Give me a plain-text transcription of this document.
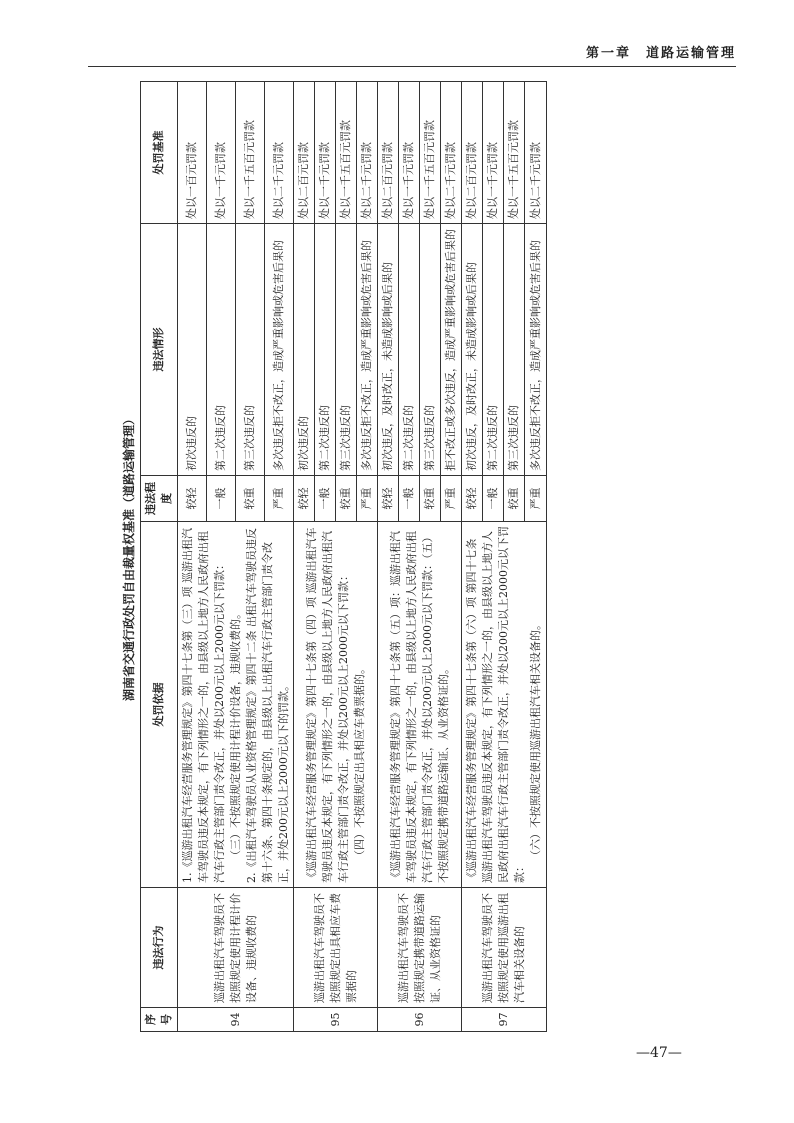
第一章　道路运输管理
湖南省交通行政处罚自由裁量权基准（道路运输管理）
序号	违法行为	处罚依据	违法程度	违法情形	处罚基准
94	巡游出租汽车驾驶员不按照规定使用计程计价设备、违规收费的	1.《巡游出租汽车经营服务管理规定》第四十七条第（三）项 巡游出租汽车驾驶员违反本规定，有下列情形之一的，由县级以上地方人民政府出租汽车行政主管部门责令改正，并处以200元以上2000元以下罚款： （三）不按照规定使用计程计价设备，违规收费的。 2.《出租汽车驾驶员从业资格管理规定》第四十二条 出租汽车驾驶员违反第十六条、第四十条规定的，由县级以上出租汽车行政主管部门责令改正，并处200元以上2000元以下的罚款。	较轻	初次违反的	处以一百元罚款
			一般	第二次违反的	处以一千元罚款
			较重	第三次违反的	处以一千五百元罚款
			严重	多次违反拒不改正，造成严重影响或危害后果的	处以二千元罚款
95	巡游出租汽车驾驶员不按照规定出具相应车费票据的	《巡游出租汽车经营服务管理规定》第四十七条第（四）项 巡游出租汽车驾驶员违反本规定，有下列情形之一的，由县级以上地方人民政府出租汽车行政主管部门责令改正，并处以200元以上2000元以下罚款： （四）不按照规定出具相应车费票据的。	较轻	初次违反的	处以二百元罚款
			一般	第二次违反的	处以一千元罚款
			较重	第三次违反的	处以一千五百元罚款
			严重	多次违反拒不改正，造成严重影响或危害后果的	处以二千元罚款
96	巡游出租汽车驾驶员不按照规定携带道路运输证、从业资格证的	《巡游出租汽车经营服务管理规定》第四十七条第（五）项：巡游出租汽车驾驶员违反本规定，有下列情形之一的，由县级以上地方人民政府出租汽车行政主管部门责令改正，并处以200元以上2000元以下罚款：（五）不按照规定携带道路运输证、从业资格证的。	较轻	初次违反，及时改正，未造成影响或后果的	处以二百元罚款
			一般	第二次违反的	处以一千元罚款
			较重	第三次违反的	处以一千五百元罚款
			严重	拒不改正或多次违反，造成严重影响或危害后果的	处以二千元罚款
97	巡游出租汽车驾驶员不按照规定使用巡游出租汽车相关设备的	《巡游出租汽车经营服务管理规定》第四十七条第（六）项 第四十七条 巡游出租汽车驾驶员违反本规定，有下列情形之一的，由县级以上地方人民政府出租汽车行政主管部门责令改正，并处以200元以上2000元以下罚款：

（六）不按照规定使用巡游出租汽车相关设备的。	较轻	初次违反，及时改正，未造成影响或后果的	处以二百元罚款
			一般	第二次违反的	处以一千元罚款
			较重	第三次违反的	处以一千五百元罚款
			严重	多次违反拒不改正，造成严重影响或危害后果的	处以二千元罚款
—47—
